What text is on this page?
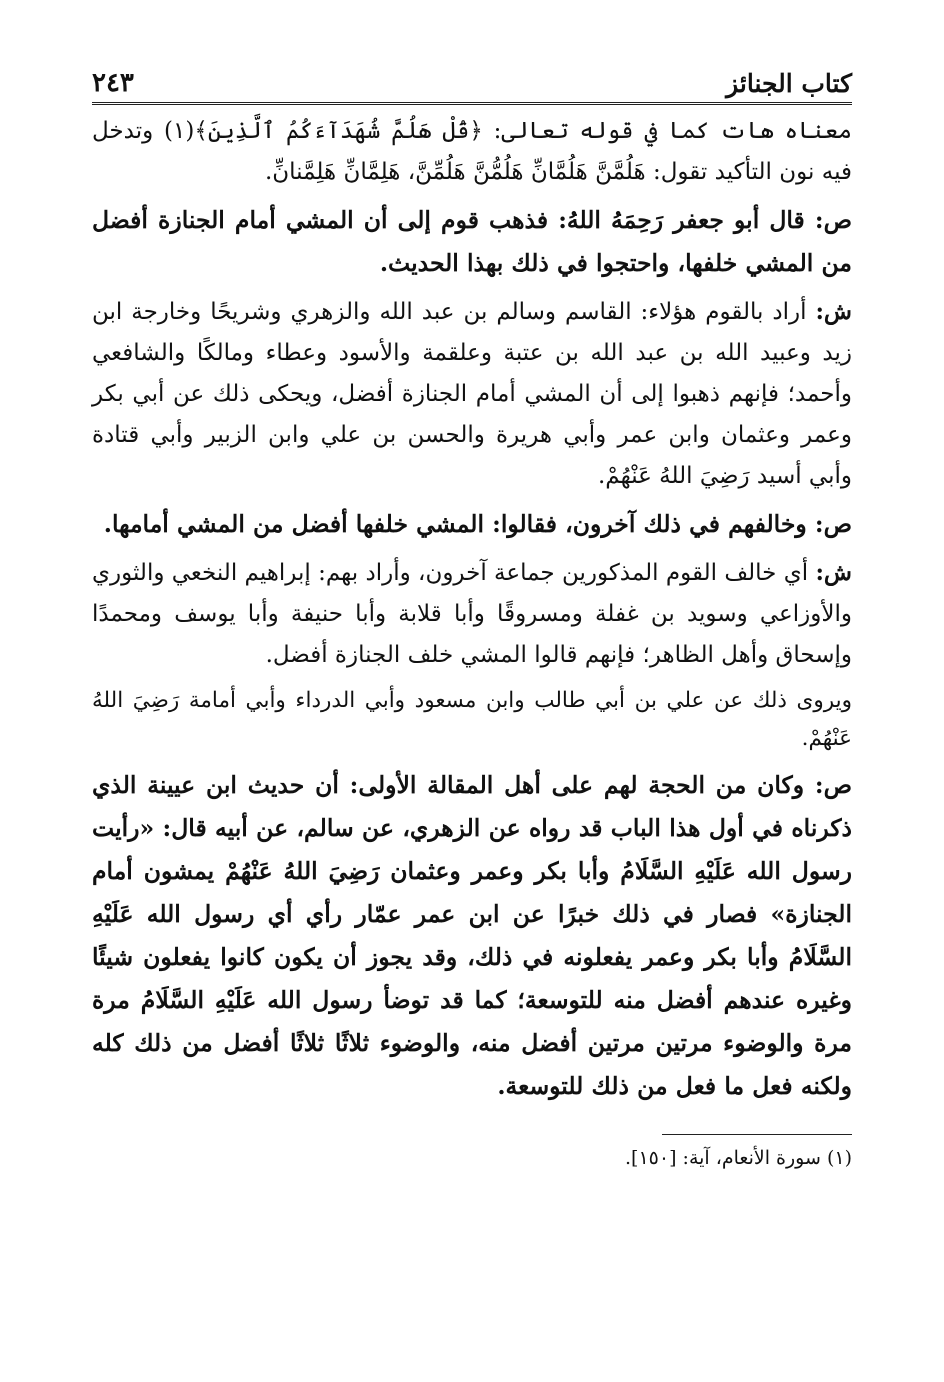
كتاب الجنائز
٢٤٣

معناه هات كما في قوله تعالى: ﴿قُلْ هَلُمَّ شُهَدَآءَكُمُ ٱلَّذِينَ﴾(١) وتدخل فيه نون التأكيد تقول: هَلُمَّنَّ هَلُمَّانِّ هَلُمُّنَّ هَلُمِّنَّ، هَلِمَّانِّ هَلِمَّنانِّ.

ص: قال أبو جعفر رَحِمَهُ اللهُ: فذهب قوم إلى أن المشي أمام الجنازة أفضل من المشي خلفها، واحتجوا في ذلك بهذا الحديث.

ش: أراد بالقوم هؤلاء: القاسم وسالم بن عبد الله والزهري وشريحًا وخارجة ابن زيد وعبيد الله بن عبد الله بن عتبة وعلقمة والأسود وعطاء ومالكًا والشافعي وأحمد؛ فإنهم ذهبوا إلى أن المشي أمام الجنازة أفضل، ويحكى ذلك عن أبي بكر وعمر وعثمان وابن عمر وأبي هريرة والحسن بن علي وابن الزبير وأبي قتادة وأبي أسيد رَضِيَ اللهُ عَنْهُمْ.

ص: وخالفهم في ذلك آخرون، فقالوا: المشي خلفها أفضل من المشي أمامها.

ش: أي خالف القوم المذكورين جماعة آخرون، وأراد بهم: إبراهيم النخعي والثوري والأوزاعي وسويد بن غفلة ومسروقًا وأبا قلابة وأبا حنيفة وأبا يوسف ومحمدًا وإسحاق وأهل الظاهر؛ فإنهم قالوا المشي خلف الجنازة أفضل.

ويروى ذلك عن علي بن أبي طالب وابن مسعود وأبي الدرداء وأبي أمامة رَضِيَ اللهُ عَنْهُمْ.

ص: وكان من الحجة لهم على أهل المقالة الأولى: أن حديث ابن عيينة الذي ذكرناه في أول هذا الباب قد رواه عن الزهري، عن سالم، عن أبيه قال: «رأيت رسول الله عَلَيْهِ السَّلَامُ وأبا بكر وعمر وعثمان رَضِيَ اللهُ عَنْهُمْ يمشون أمام الجنازة» فصار في ذلك خبرًا عن ابن عمر عمّار رأي أي رسول الله عَلَيْهِ السَّلَامُ وأبا بكر وعمر يفعلونه في ذلك، وقد يجوز أن يكون كانوا يفعلون شيئًا وغيره عندهم أفضل منه للتوسعة؛ كما قد توضأ رسول الله عَلَيْهِ السَّلَامُ مرة مرة والوضوء مرتين مرتين أفضل منه، والوضوء ثلاثًا ثلاثًا أفضل من ذلك كله ولكنه فعل ما فعل من ذلك للتوسعة.

(١) سورة الأنعام، آية: [١٥٠].
